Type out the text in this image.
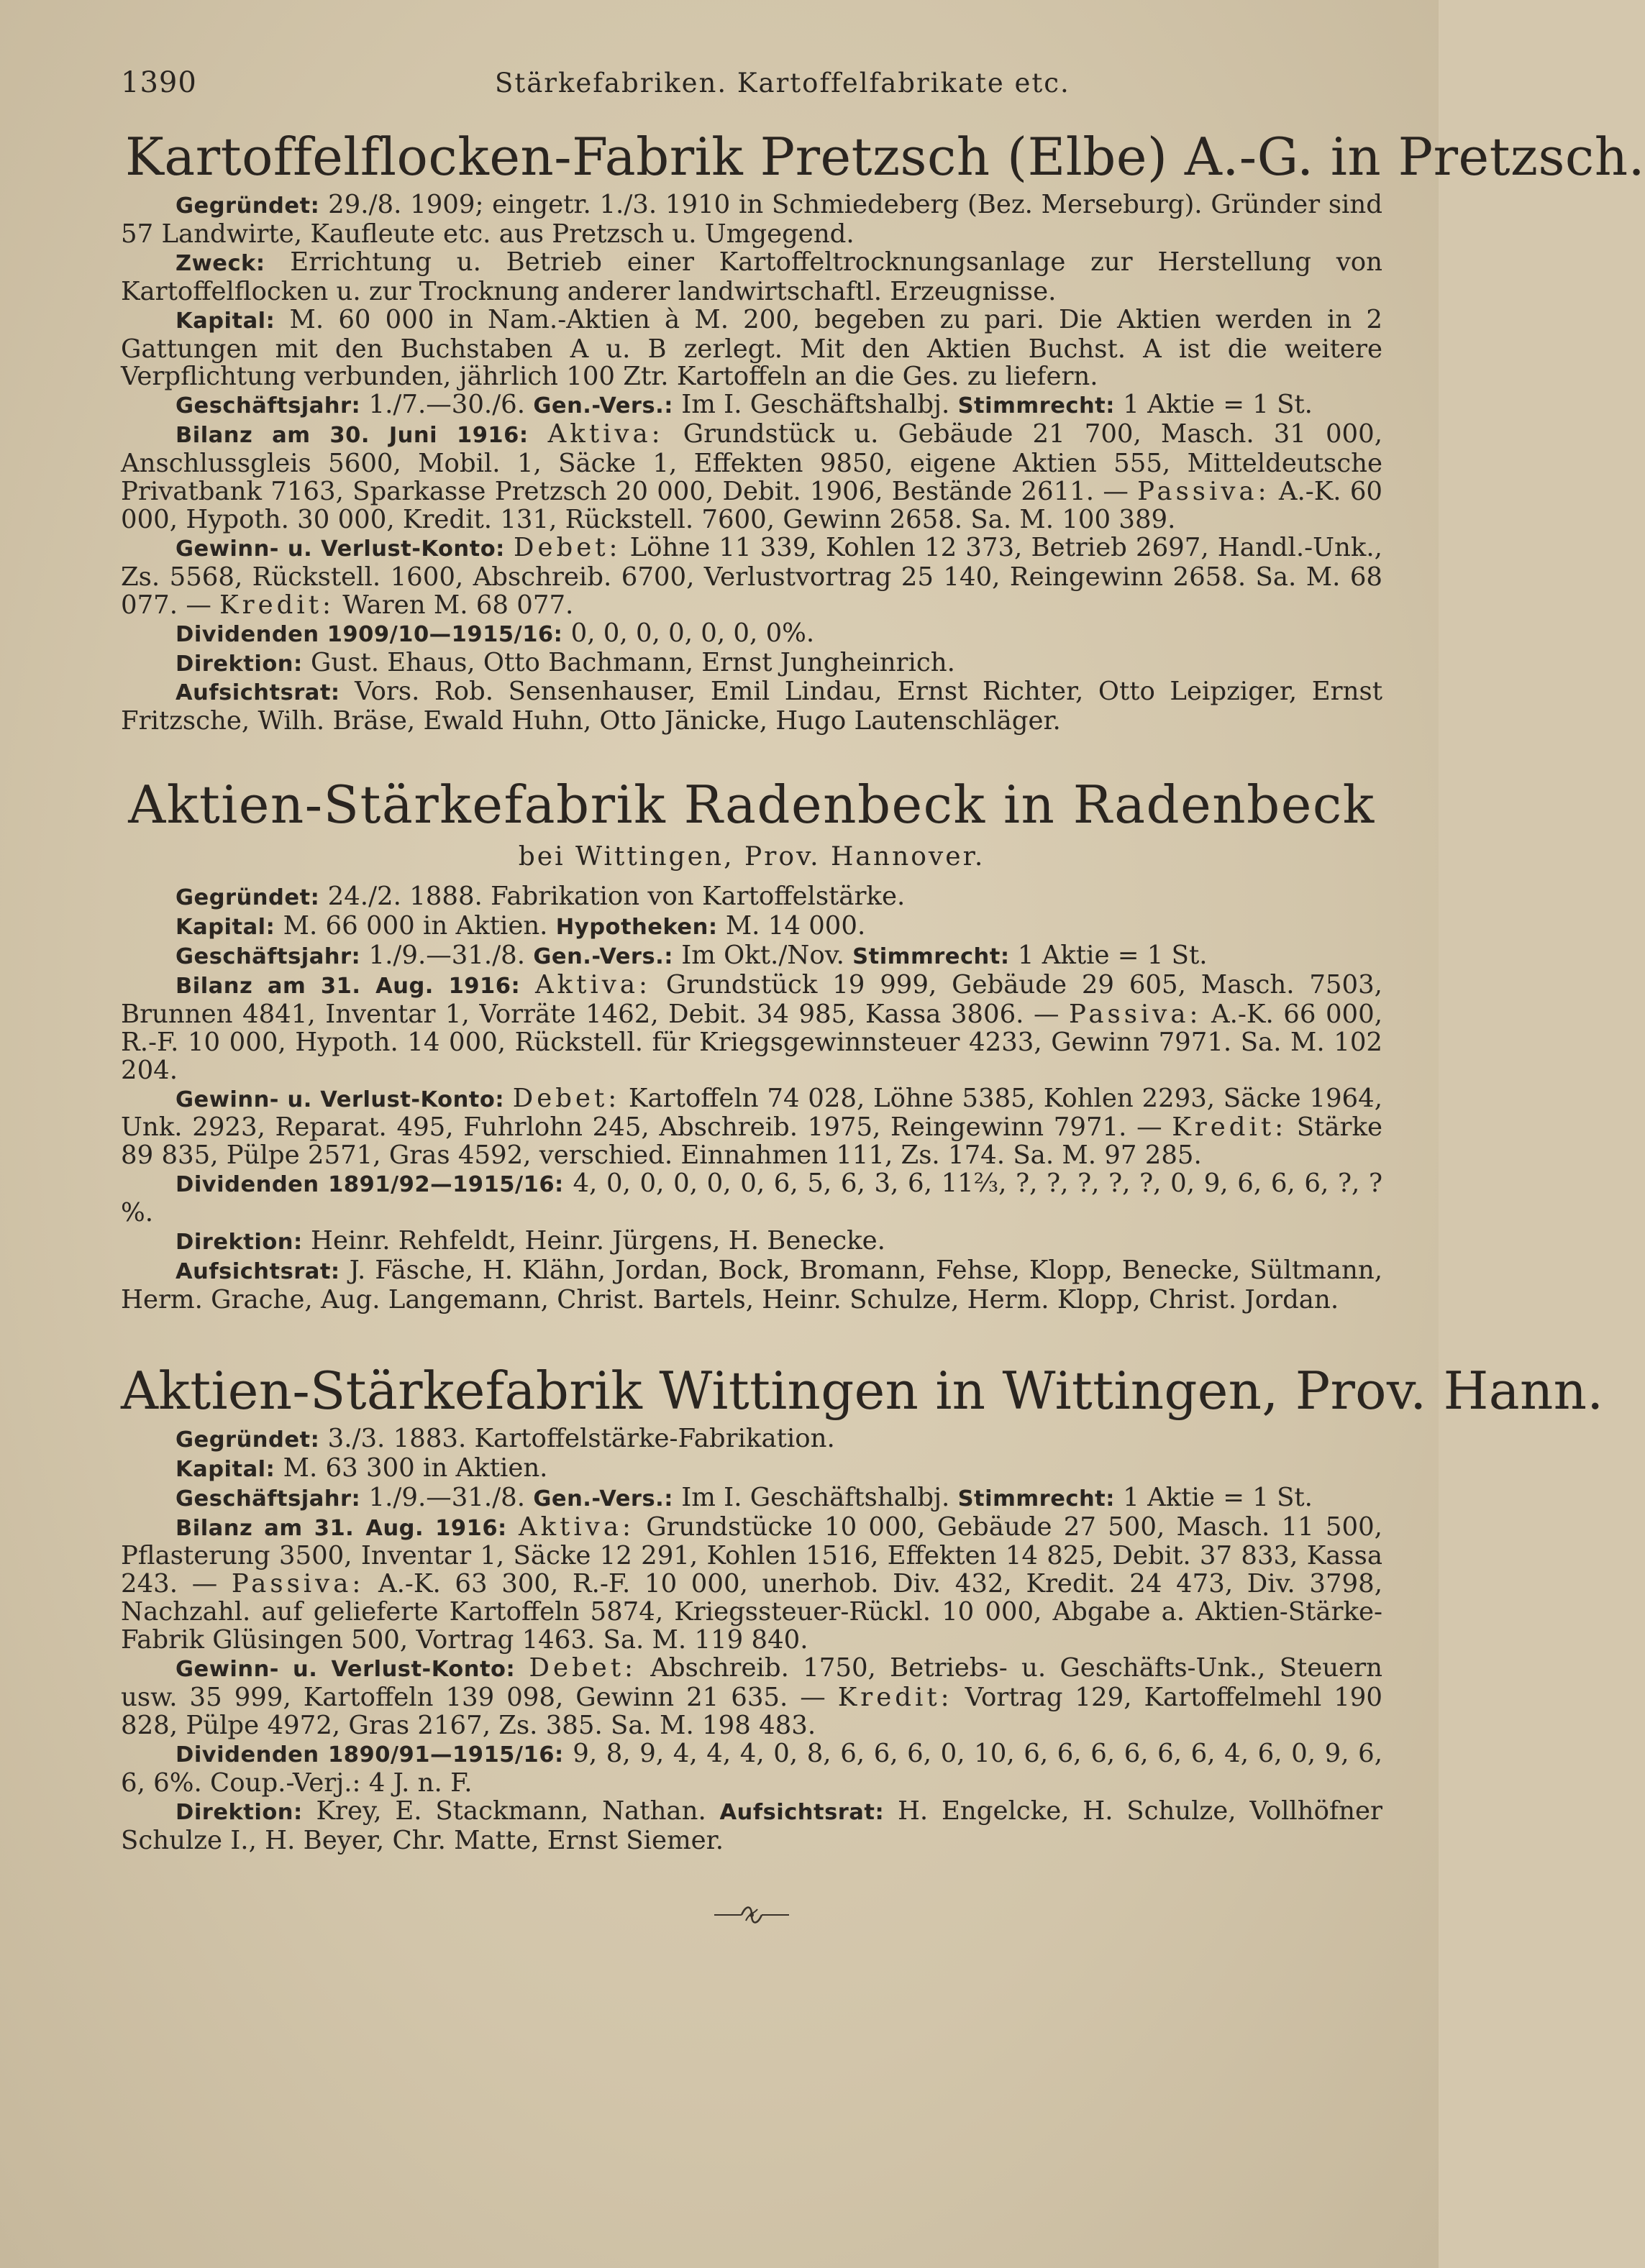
1390	Stärkefabriken. Kartoffelfabrikate etc.
Kartoffelflocken-Fabrik Pretzsch (Elbe) A.-G. in Pretzsch.

Gegründet: 29./8. 1909; eingetr. 1./3. 1910 in Schmiedeberg (Bez. Merseburg). Gründer sind 57 Landwirte, Kaufleute etc. aus Pretzsch u. Umgegend.

Zweck: Errichtung u. Betrieb einer Kartoffeltrocknungsanlage zur Herstellung von Kartoffelflocken u. zur Trocknung anderer landwirtschaftl. Erzeugnisse.

Kapital: M. 60 000 in Nam.-Aktien à M. 200, begeben zu pari. Die Aktien werden in 2 Gattungen mit den Buchstaben A u. B zerlegt. Mit den Aktien Buchst. A ist die weitere Verpflichtung verbunden, jährlich 100 Ztr. Kartoffeln an die Ges. zu liefern.

Geschäftsjahr: 1./7.—30./6. Gen.-Vers.: Im I. Geschäftshalbj. Stimmrecht: 1 Aktie = 1 St.

Bilanz am 30. Juni 1916: Aktiva: Grundstück u. Gebäude 21 700, Masch. 31 000, Anschlussgleis 5600, Mobil. 1, Säcke 1, Effekten 9850, eigene Aktien 555, Mitteldeutsche Privatbank 7163, Sparkasse Pretzsch 20 000, Debit. 1906, Bestände 2611. — Passiva: A.-K. 60 000, Hypoth. 30 000, Kredit. 131, Rückstell. 7600, Gewinn 2658. Sa. M. 100 389.

Gewinn- u. Verlust-Konto: Debet: Löhne 11 339, Kohlen 12 373, Betrieb 2697, Handl.-Unk., Zs. 5568, Rückstell. 1600, Abschreib. 6700, Verlustvortrag 25 140, Reingewinn 2658. Sa. M. 68 077. — Kredit: Waren M. 68 077.

Dividenden 1909/10—1915/16: 0, 0, 0, 0, 0, 0, 0%.

Direktion: Gust. Ehaus, Otto Bachmann, Ernst Jungheinrich.

Aufsichtsrat: Vors. Rob. Sensenhauser, Emil Lindau, Ernst Richter, Otto Leipziger, Ernst Fritzsche, Wilh. Bräse, Ewald Huhn, Otto Jänicke, Hugo Lautenschläger.

Aktien-Stärkefabrik Radenbeck in Radenbeck
bei Wittingen, Prov. Hannover.

Gegründet: 24./2. 1888. Fabrikation von Kartoffelstärke.

Kapital: M. 66 000 in Aktien. Hypotheken: M. 14 000.

Geschäftsjahr: 1./9.—31./8. Gen.-Vers.: Im Okt./Nov. Stimmrecht: 1 Aktie = 1 St.

Bilanz am 31. Aug. 1916: Aktiva: Grundstück 19 999, Gebäude 29 605, Masch. 7503, Brunnen 4841, Inventar 1, Vorräte 1462, Debit. 34 985, Kassa 3806. — Passiva: A.-K. 66 000, R.-F. 10 000, Hypoth. 14 000, Rückstell. für Kriegsgewinnsteuer 4233, Gewinn 7971. Sa. M. 102 204.

Gewinn- u. Verlust-Konto: Debet: Kartoffeln 74 028, Löhne 5385, Kohlen 2293, Säcke 1964, Unk. 2923, Reparat. 495, Fuhrlohn 245, Abschreib. 1975, Reingewinn 7971. — Kredit: Stärke 89 835, Pülpe 2571, Gras 4592, verschied. Einnahmen 111, Zs. 174. Sa. M. 97 285.

Dividenden 1891/92—1915/16: 4, 0, 0, 0, 0, 0, 6, 5, 6, 3, 6, 11⅔, ?, ?, ?, ?, ?, 0, 9, 6, 6, 6, ?, ?%.

Direktion: Heinr. Rehfeldt, Heinr. Jürgens, H. Benecke.

Aufsichtsrat: J. Fäsche, H. Klähn, Jordan, Bock, Bromann, Fehse, Klopp, Benecke, Sültmann, Herm. Grache, Aug. Langemann, Christ. Bartels, Heinr. Schulze, Herm. Klopp, Christ. Jordan.

Aktien-Stärkefabrik Wittingen in Wittingen, Prov. Hann.

Gegründet: 3./3. 1883. Kartoffelstärke-Fabrikation.

Kapital: M. 63 300 in Aktien.

Geschäftsjahr: 1./9.—31./8. Gen.-Vers.: Im I. Geschäftshalbj. Stimmrecht: 1 Aktie = 1 St.

Bilanz am 31. Aug. 1916: Aktiva: Grundstücke 10 000, Gebäude 27 500, Masch. 11 500, Pflasterung 3500, Inventar 1, Säcke 12 291, Kohlen 1516, Effekten 14 825, Debit. 37 833, Kassa 243. — Passiva: A.-K. 63 300, R.-F. 10 000, unerhob. Div. 432, Kredit. 24 473, Div. 3798, Nachzahl. auf gelieferte Kartoffeln 5874, Kriegssteuer-Rückl. 10 000, Abgabe a. Aktien-Stärke-Fabrik Glüsingen 500, Vortrag 1463. Sa. M. 119 840.

Gewinn- u. Verlust-Konto: Debet: Abschreib. 1750, Betriebs- u. Geschäfts-Unk., Steuern usw. 35 999, Kartoffeln 139 098, Gewinn 21 635. — Kredit: Vortrag 129, Kartoffelmehl 190 828, Pülpe 4972, Gras 2167, Zs. 385. Sa. M. 198 483.

Dividenden 1890/91—1915/16: 9, 8, 9, 4, 4, 4, 0, 8, 6, 6, 6, 0, 10, 6, 6, 6, 6, 6, 6, 4, 6, 0, 9, 6, 6, 6%. Coup.-Verj.: 4 J. n. F.

Direktion: Krey, E. Stackmann, Nathan. Aufsichtsrat: H. Engelcke, H. Schulze, Vollhöfner Schulze I., H. Beyer, Chr. Matte, Ernst Siemer.
